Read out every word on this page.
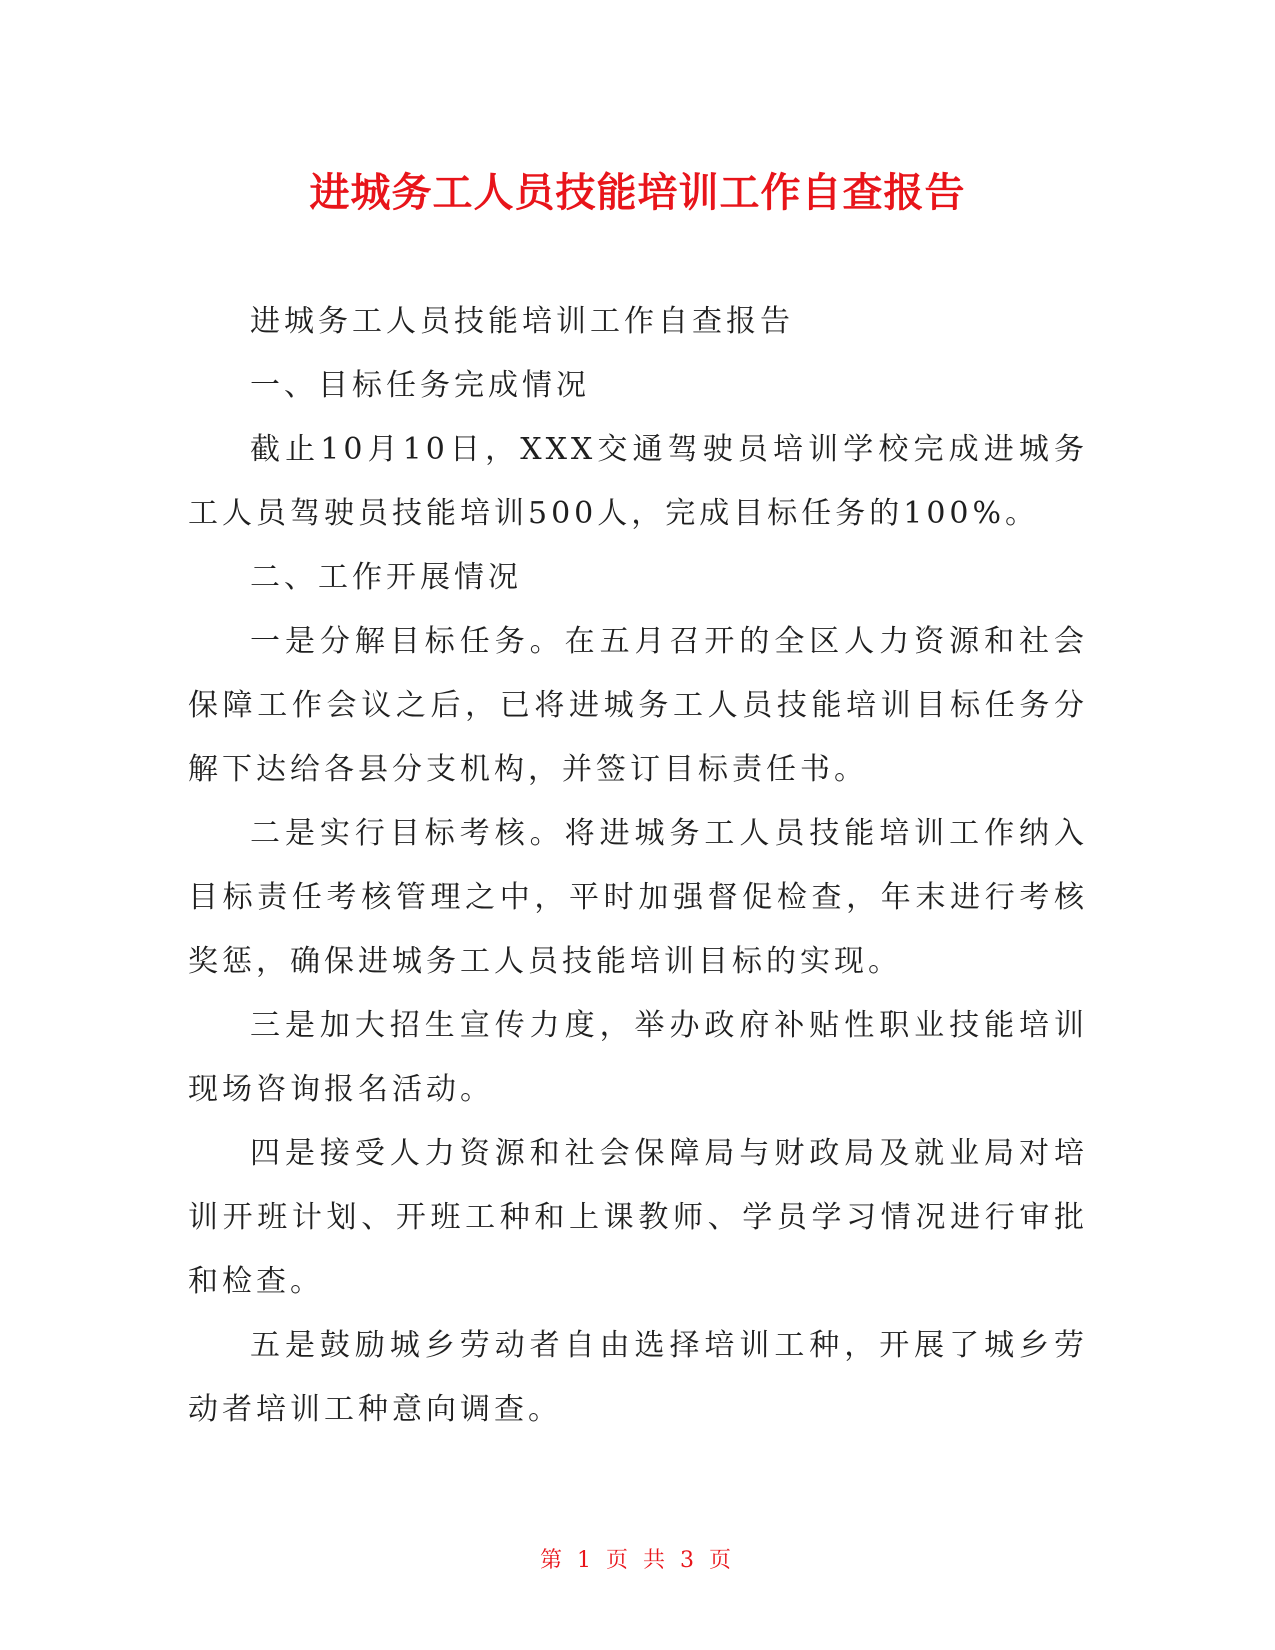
进城务工人员技能培训工作自查报告

进城务工人员技能培训工作自查报告

一、目标任务完成情况

截止10月10日，XXX交通驾驶员培训学校完成进城务工人员驾驶员技能培训500人，完成目标任务的100%。

二、工作开展情况

一是分解目标任务。在五月召开的全区人力资源和社会保障工作会议之后，已将进城务工人员技能培训目标任务分解下达给各县分支机构，并签订目标责任书。

二是实行目标考核。将进城务工人员技能培训工作纳入目标责任考核管理之中，平时加强督促检查，年末进行考核奖惩，确保进城务工人员技能培训目标的实现。

三是加大招生宣传力度，举办政府补贴性职业技能培训现场咨询报名活动。

四是接受人力资源和社会保障局与财政局及就业局对培训开班计划、开班工种和上课教师、学员学习情况进行审批和检查。

五是鼓励城乡劳动者自由选择培训工种，开展了城乡劳动者培训工种意向调查。

第 1 页 共 3 页
